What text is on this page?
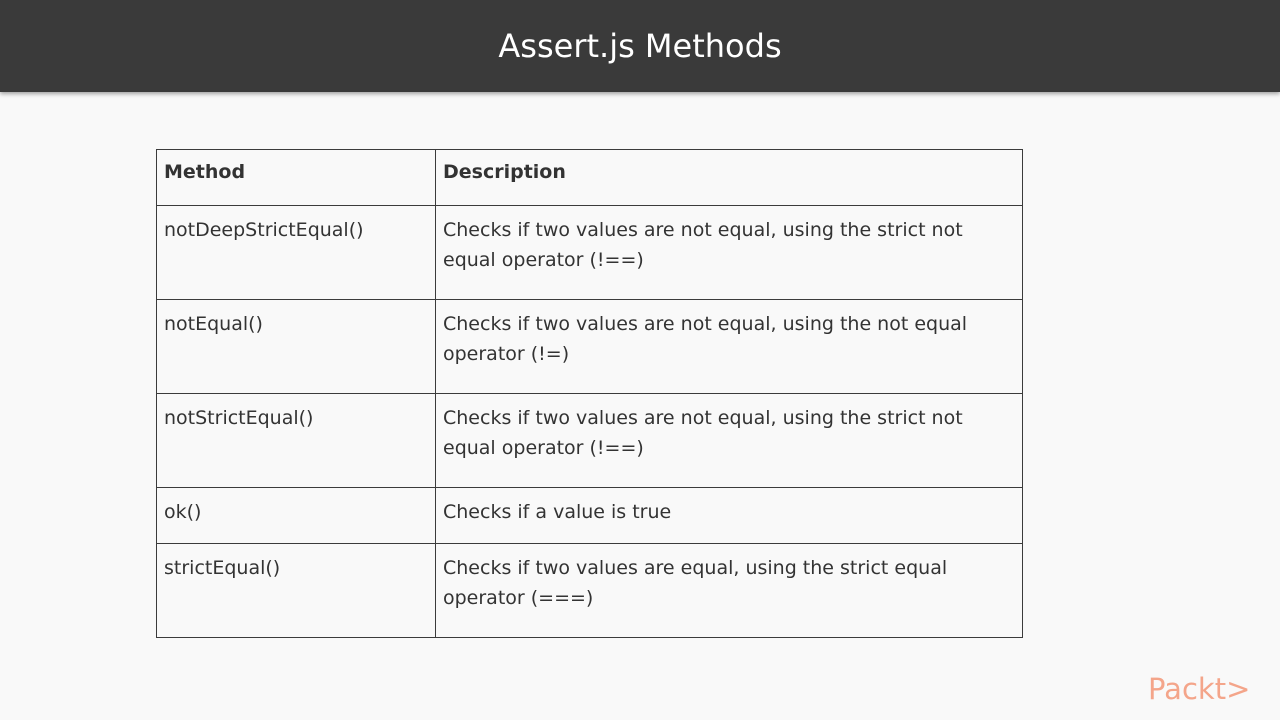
Assert.js Methods
Method	Description
notDeepStrictEqual()	Checks if two values are not equal, using the strict not equal operator (!==)
notEqual()	Checks if two values are not equal, using the not equal operator (!=)
notStrictEqual()	Checks if two values are not equal, using the strict not equal operator (!==)
ok()	Checks if a value is true
strictEqual()	Checks if two values are equal, using the strict equal operator (===)
Packt>
